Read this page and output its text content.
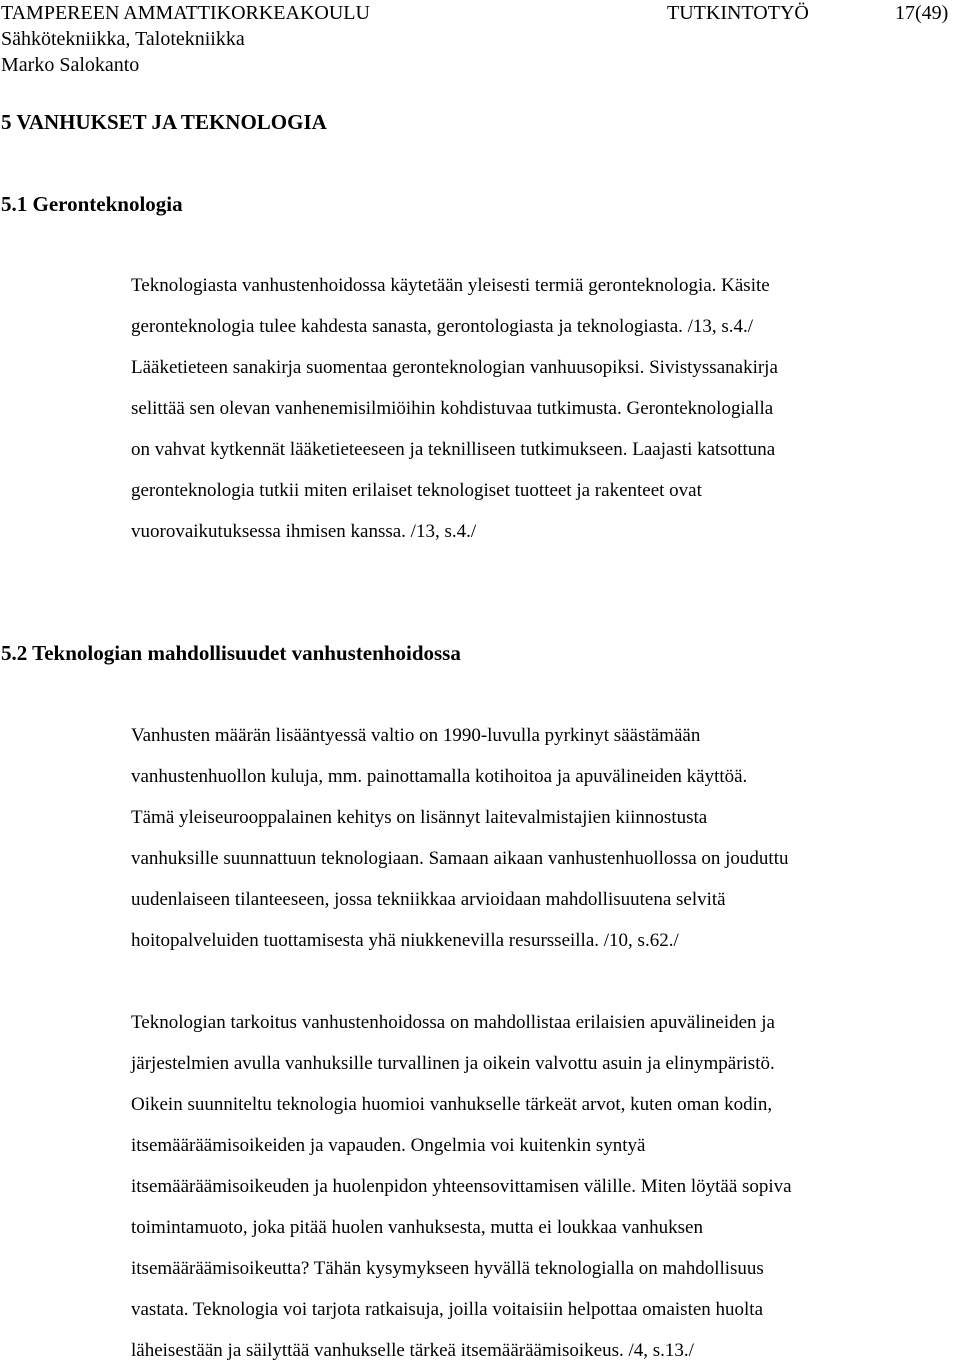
TAMPEREEN AMMATTIKORKEAKOULU	TUTKINTOTYÖ	17(49)
Sähkötekniikka, Talotekniikka
Marko Salokanto
5 VANHUKSET JA TEKNOLOGIA
5.1 Geronteknologia
Teknologiasta vanhustenhoidossa käytetään yleisesti termiä geronteknologia. Käsite
geronteknologia tulee kahdesta sanasta, gerontologiasta ja teknologiasta. /13, s.4./
Lääketieteen sanakirja suomentaa geronteknologian vanhuusopiksi. Sivistyssanakirja
selittää sen olevan vanhenemisilmiöihin kohdistuvaa tutkimusta. Geronteknologialla
on vahvat kytkennät lääketieteeseen ja teknilliseen tutkimukseen. Laajasti katsottuna
geronteknologia tutkii miten erilaiset teknologiset tuotteet ja rakenteet ovat
vuorovaikutuksessa ihmisen kanssa. /13, s.4./
5.2 Teknologian mahdollisuudet vanhustenhoidossa
Vanhusten määrän lisääntyessä valtio on 1990-luvulla pyrkinyt säästämään
vanhustenhuollon kuluja, mm. painottamalla kotihoitoa ja apuvälineiden käyttöä.
Tämä yleiseurooppalainen kehitys on lisännyt laitevalmistajien kiinnostusta
vanhuksille suunnattuun teknologiaan. Samaan aikaan vanhustenhuollossa on jouduttu
uudenlaiseen tilanteeseen, jossa tekniikkaa arvioidaan mahdollisuutena selvitä
hoitopalveluiden tuottamisesta yhä niukkenevilla resursseilla. /10, s.62./
Teknologian tarkoitus vanhustenhoidossa on mahdollistaa erilaisien apuvälineiden ja
järjestelmien avulla vanhuksille turvallinen ja oikein valvottu asuin ja elinympäristö.
Oikein suunniteltu teknologia huomioi vanhukselle tärkeät arvot, kuten oman kodin,
itsemääräämisoikeiden ja vapauden. Ongelmia voi kuitenkin syntyä
itsemääräämisoikeuden ja huolenpidon yhteensovittamisen välille. Miten löytää sopiva
toimintamuoto, joka pitää huolen vanhuksesta, mutta ei loukkaa vanhuksen
itsemääräämisoikeutta? Tähän kysymykseen hyvällä teknologialla on mahdollisuus
vastata. Teknologia voi tarjota ratkaisuja, joilla voitaisiin helpottaa omaisten huolta
läheisestään ja säilyttää vanhukselle tärkeä itsemääräämisoikeus. /4, s.13./
